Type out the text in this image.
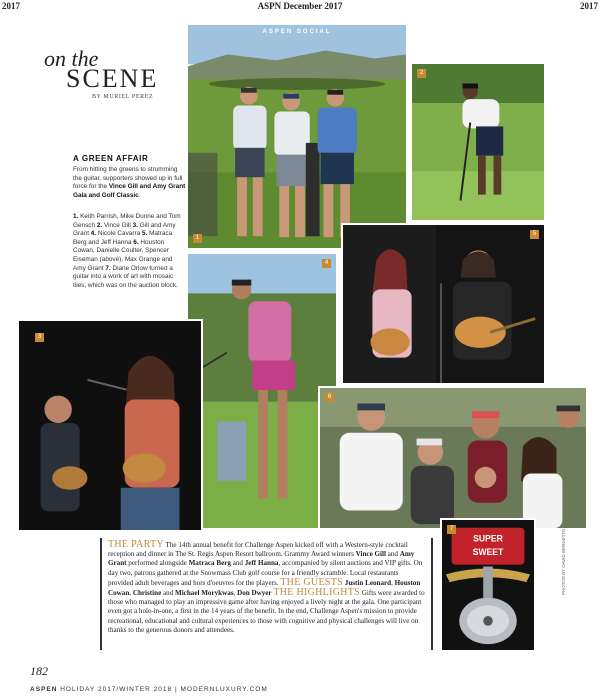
2017	ASPN December 2017	2017
on the
SCENE
BY MURIEL PEREZ
A GREEN AFFAIR
From hitting the greens to strumming the guitar, supporters showed up in full force for the Vince Gill and Amy Grant Gala and Golf Classic.
1. Keith Parrish, Mike Dunne and Tom Gensch 2. Vince Gill 3. Gill and Amy Grant 4. Nicole Cavarra 5. Matraca Berg and Jeff Hanna 6. Houston Cowan, Danielle Coulter, Spencer Eiseman (above), Max Grange and Amy Grant 7. Diane Orlow turned a guitar into a work of art with mosaic tiles, which was on the auction block.
ASPEN SOCIAL
1
2
4
5
3
6
SUPER
SWEET
7
THE PARTY The 14th annual benefit for Challenge Aspen kicked off with a Western-style cocktail reception and dinner in The St. Regis Aspen Resort ballroom. Grammy Award winners Vince Gill and Amy Grant performed alongside Matraca Berg and Jeff Hanna, accompanied by silent auctions and VIP gifts. On day two, patrons gathered at the Snowmass Club golf course for a friendly scramble. Local restaurants provided adult beverages and hors d'oeuvres for the players. THE GUESTS Justin Leonard, Houston Cowan, Christine and Michael Morykwas, Don Dwyer THE HIGHLIGHTS Gifts were awarded to those who managed to play an impressive game after having enjoyed a lively night at the gala. One participant even got a hole-in-one, a first in the 14 years of the benefit. In the end, Challenge Aspen's mission to provide recreational, educational and cultural experiences to those with cognitive and physical challenges will live on thanks to the generous donors and attendees.
PHOTOS BY DAVID BERGETTE
182
ASPEN HOLIDAY 2017/WINTER 2018 | MODERNLUXURY.COM
